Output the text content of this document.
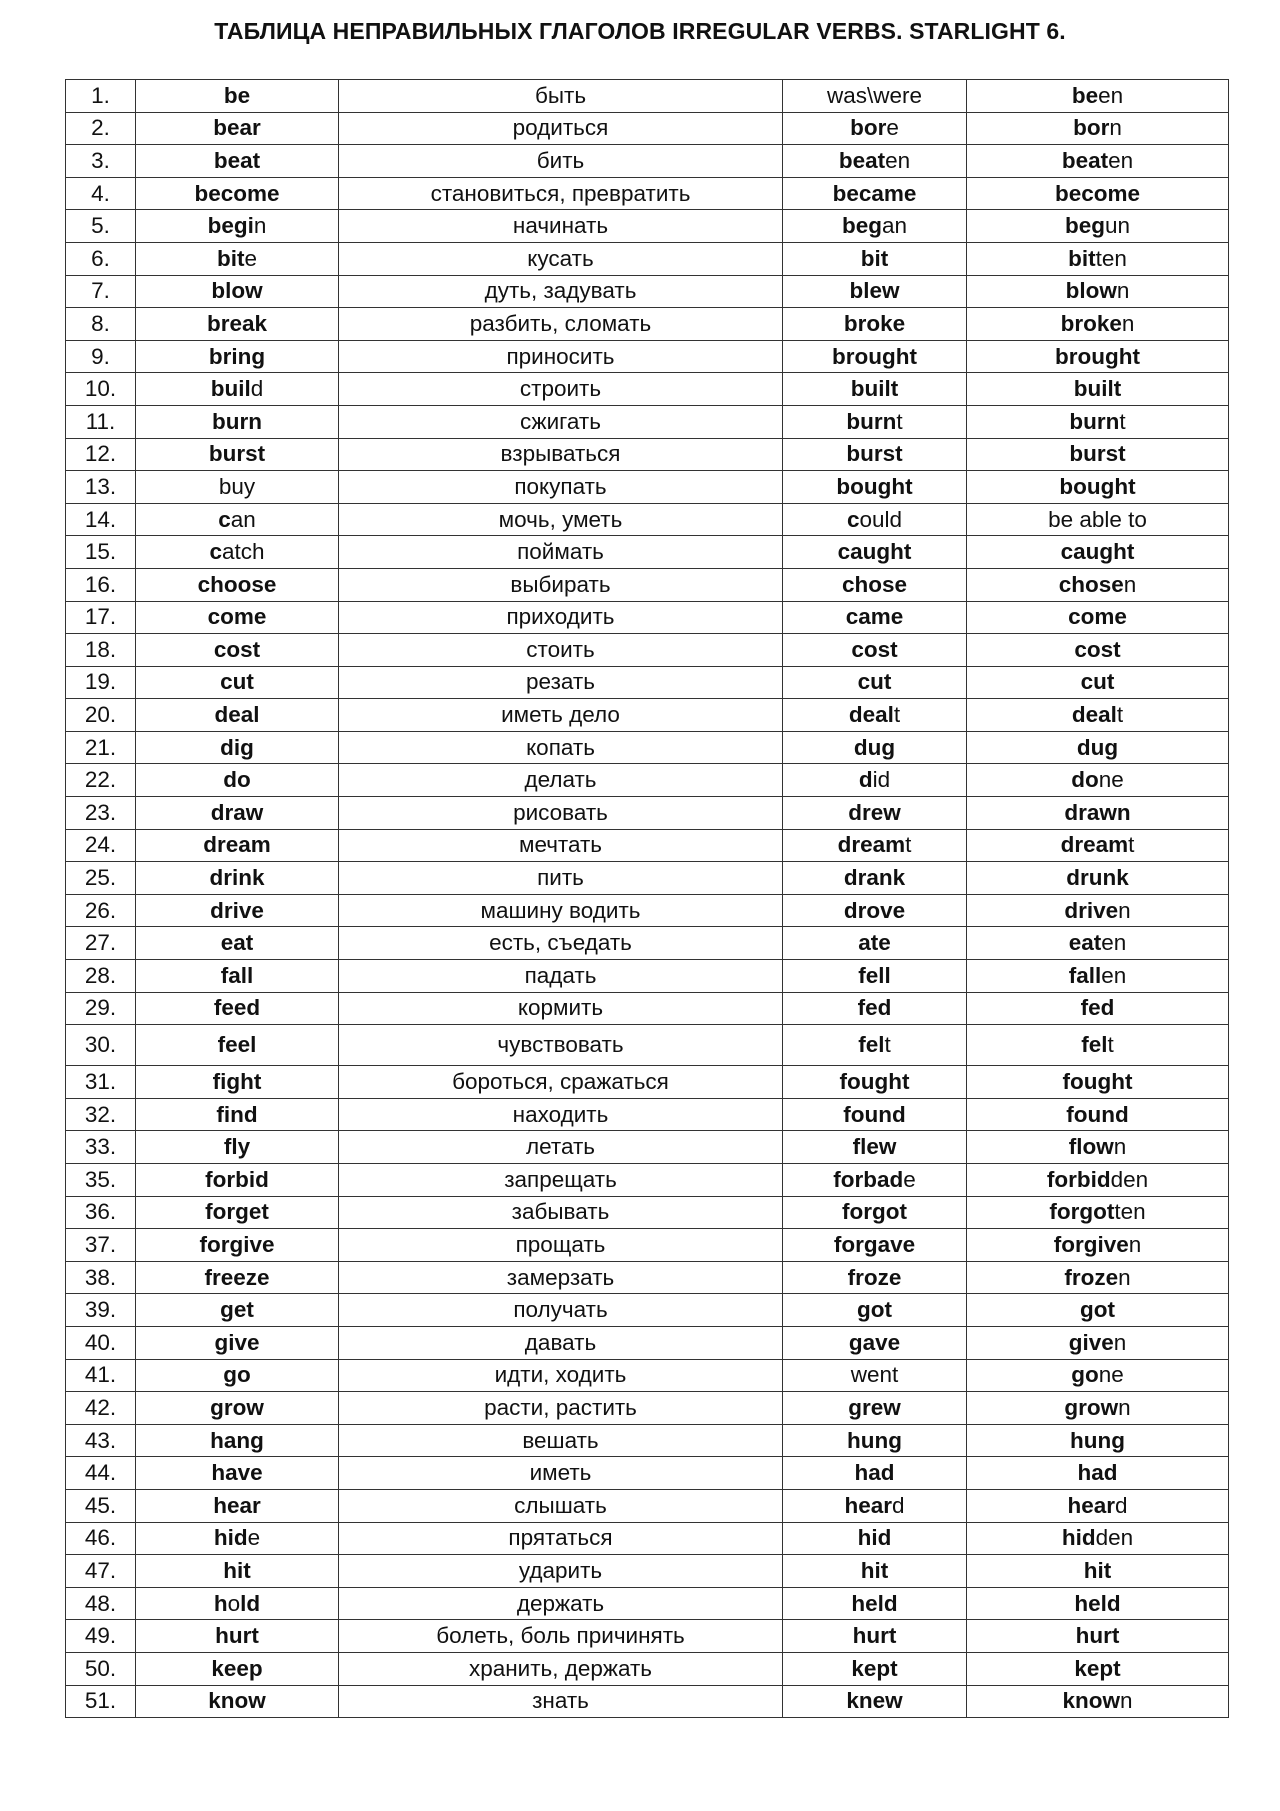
ТАБЛИЦА НЕПРАВИЛЬНЫХ ГЛАГОЛОВ IRREGULAR VERBS. STARLIGHT 6.
1.	be	быть	was\were	been
2.	bear	родиться	bore	born
3.	beat	бить	beaten	beaten
4.	become	становиться, превратить	became	become
5.	begin	начинать	began	begun
6.	bite	кусать	bit	bitten
7.	blow	дуть, задувать	blew	blown
8.	break	разбить, сломать	broke	broken
9.	bring	приносить	brought	brought
10.	build	строить	built	built
11.	burn	сжигать	burnt	burnt
12.	burst	взрываться	burst	burst
13.	buy	покупать	bought	bought
14.	can	мочь, уметь	could	be able to
15.	catch	поймать	caught	caught
16.	choose	выбирать	chose	chosen
17.	come	приходить	came	come
18.	cost	стоить	cost	cost
19.	cut	резать	cut	cut
20.	deal	иметь дело	dealt	dealt
21.	dig	копать	dug	dug
22.	do	делать	did	done
23.	draw	рисовать	drew	drawn
24.	dream	мечтать	dreamt	dreamt
25.	drink	пить	drank	drunk
26.	drive	машину водить	drove	driven
27.	eat	есть, съедать	ate	eaten
28.	fall	падать	fell	fallen
29.	feed	кормить	fed	fed
30.	feel	чувствовать	felt	felt
31.	fight	бороться, сражаться	fought	fought
32.	find	находить	found	found
33.	fly	летать	flew	flown
35.	forbid	запрещать	forbade	forbidden
36.	forget	забывать	forgot	forgotten
37.	forgive	прощать	forgave	forgiven
38.	freeze	замерзать	froze	frozen
39.	get	получать	got	got
40.	give	давать	gave	given
41.	go	идти, ходить	went	gone
42.	grow	расти, растить	grew	grown
43.	hang	вешать	hung	hung
44.	have	иметь	had	had
45.	hear	слышать	heard	heard
46.	hide	прятаться	hid	hidden
47.	hit	ударить	hit	hit
48.	hold	держать	held	held
49.	hurt	болеть, боль причинять	hurt	hurt
50.	keep	хранить, держать	kept	kept
51.	know	знать	knew	known
